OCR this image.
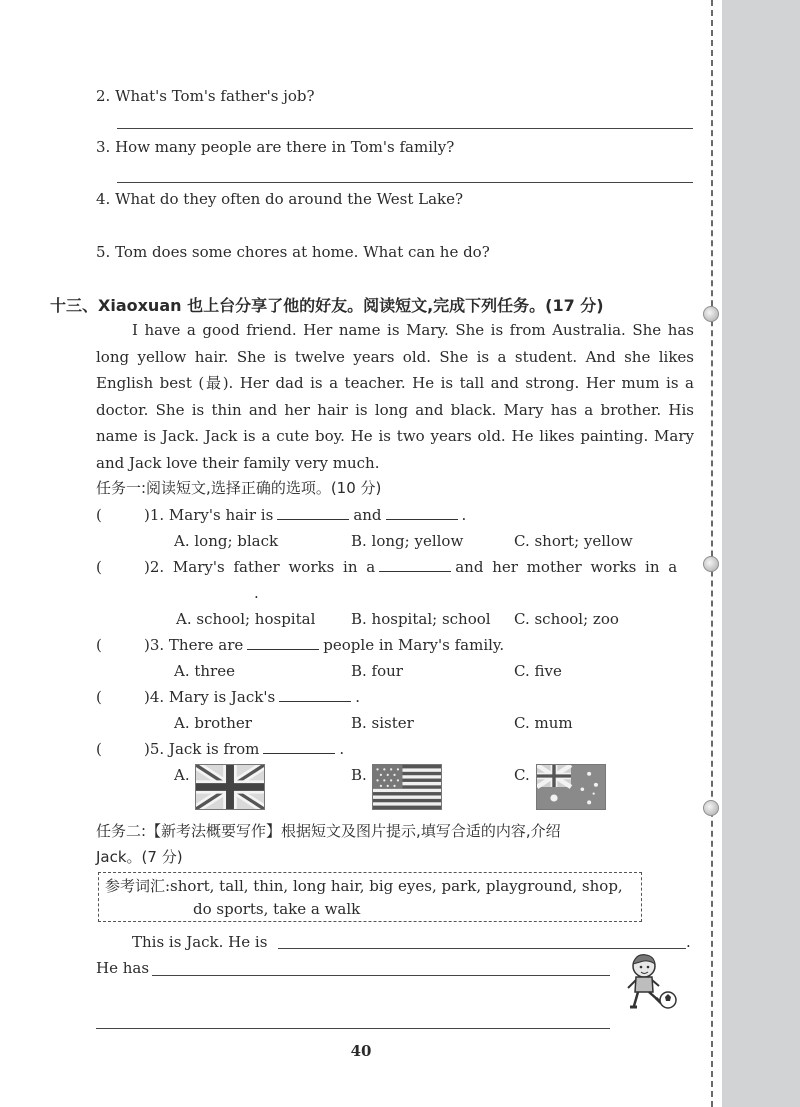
2. What's Tom's father's job?
3. How many people are there in Tom's family?
4. What do they often do around the West Lake?
5. Tom does some chores at home. What can he do?
十三、Xiaoxuan 也上台分享了他的好友。阅读短文,完成下列任务。(17 分)
I have a good friend. Her name is Mary. She is from Australia. She has long yellow hair. She is twelve years old. She is a student. And she likes English best (最). Her dad is a teacher. He is tall and strong. Her mum is a doctor. She is thin and her hair is long and black. Mary has a brother. His name is Jack. Jack is a cute boy. He is two years old. He likes painting. Mary and Jack love their family very much.
任务一:阅读短文,选择正确的选项。(10 分)
(	)1. Mary's hair is	and	.
A. long; black	B. long; yellow	C. short; yellow
(	)2. Mary's father works in a	and her mother works in a
.
A. school; hospital B. hospital; school C. school; zoo
(	)3. There are	people in Mary's family.
A. three	B. four	C. five
(	)4. Mary is Jack's	.
A. brother	B. sister	C. mum
(	)5. Jack is from	.
A.	B.	C.
任务二:【新考法概要写作】根据短文及图片提示,填写合适的内容,介绍
Jack。(7 分)
参考词汇:short, tall, thin, long hair, big eyes, park, playground, shop,
do sports, take a walk
This is Jack. He is	.
He has
40
